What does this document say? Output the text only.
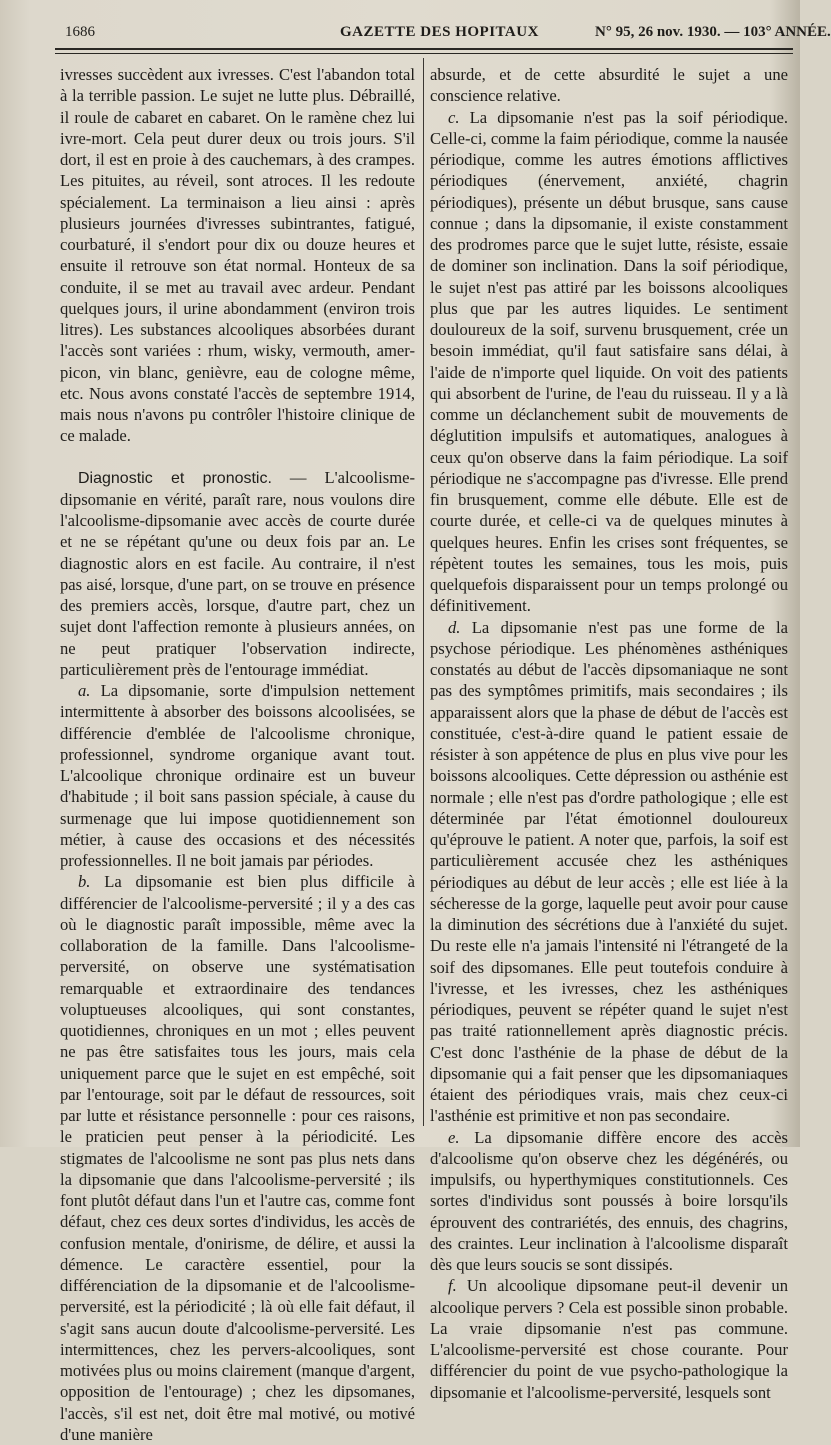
1686	GAZETTE DES HOPITAUX	N° 95, 26 nov. 1930. — 103° ANNÉE.

ivresses succèdent aux ivresses. C'est l'abandon total à la terrible passion. Le sujet ne lutte plus. Débraillé, il roule de cabaret en cabaret. On le ramène chez lui ivre-mort. Cela peut durer deux ou trois jours. S'il dort, il est en proie à des cauchemars, à des crampes. Les pituites, au réveil, sont atroces. Il les redoute spécialement. La terminaison a lieu ainsi : après plusieurs journées d'ivresses subintrantes, fatigué, courbaturé, il s'endort pour dix ou douze heures et ensuite il retrouve son état normal. Honteux de sa conduite, il se met au travail avec ardeur. Pendant quelques jours, il urine abondamment (environ trois litres). Les substances alcooliques absorbées durant l'accès sont variées : rhum, wisky, vermouth, amer-picon, vin blanc, genièvre, eau de cologne même, etc. Nous avons constaté l'accès de septembre 1914, mais nous n'avons pu contrôler l'histoire clinique de ce malade.

Diagnostic et pronostic. — L'alcoolisme-dipsomanie en vérité, paraît rare, nous voulons dire l'alcoolisme-dipsomanie avec accès de courte durée et ne se répétant qu'une ou deux fois par an. Le diagnostic alors en est facile. Au contraire, il n'est pas aisé, lorsque, d'une part, on se trouve en présence des premiers accès, lorsque, d'autre part, chez un sujet dont l'affection remonte à plusieurs années, on ne peut pratiquer l'observation indirecte, particulièrement près de l'entourage immédiat.

a. La dipsomanie, sorte d'impulsion nettement intermittente à absorber des boissons alcoolisées, se différencie d'emblée de l'alcoolisme chronique, professionnel, syndrome organique avant tout. L'alcoolique chronique ordinaire est un buveur d'habitude ; il boit sans passion spéciale, à cause du surmenage que lui impose quotidiennement son métier, à cause des occasions et des nécessités professionnelles. Il ne boit jamais par périodes.

b. La dipsomanie est bien plus difficile à différencier de l'alcoolisme-perversité ; il y a des cas où le diagnostic paraît impossible, même avec la collaboration de la famille. Dans l'alcoolisme-perversité, on observe une systématisation remarquable et extraordinaire des tendances voluptueuses alcooliques, qui sont constantes, quotidiennes, chroniques en un mot ; elles peuvent ne pas être satisfaites tous les jours, mais cela uniquement parce que le sujet en est empêché, soit par l'entourage, soit par le défaut de ressources, soit par lutte et résistance personnelle : pour ces raisons, le praticien peut penser à la périodicité. Les stigmates de l'alcoolisme ne sont pas plus nets dans la dipsomanie que dans l'alcoolisme-perversité ; ils font plutôt défaut dans l'un et l'autre cas, comme font défaut, chez ces deux sortes d'individus, les accès de confusion mentale, d'onirisme, de délire, et aussi la démence. Le caractère essentiel, pour la différenciation de la dipsomanie et de l'alcoolisme-perversité, est la périodicité ; là où elle fait défaut, il s'agit sans aucun doute d'alcoolisme-perversité. Les intermittences, chez les pervers-alcooliques, sont motivées plus ou moins clairement (manque d'argent, opposition de l'entourage) ; chez les dipsomanes, l'accès, s'il est net, doit être mal motivé, ou motivé d'une manière

absurde, et de cette absurdité le sujet a une conscience relative.

c. La dipsomanie n'est pas la soif périodique. Celle-ci, comme la faim périodique, comme la nausée périodique, comme les autres émotions afflictives périodiques (énervement, anxiété, chagrin périodiques), présente un début brusque, sans cause connue ; dans la dipsomanie, il existe constamment des prodromes parce que le sujet lutte, résiste, essaie de dominer son inclination. Dans la soif périodique, le sujet n'est pas attiré par les boissons alcooliques plus que par les autres liquides. Le sentiment douloureux de la soif, survenu brusquement, crée un besoin immédiat, qu'il faut satisfaire sans délai, à l'aide de n'importe quel liquide. On voit des patients qui absorbent de l'urine, de l'eau du ruisseau. Il y a là comme un déclanchement subit de mouvements de déglutition impulsifs et automatiques, analogues à ceux qu'on observe dans la faim périodique. La soif périodique ne s'accompagne pas d'ivresse. Elle prend fin brusquement, comme elle débute. Elle est de courte durée, et celle-ci va de quelques minutes à quelques heures. Enfin les crises sont fréquentes, se répètent toutes les semaines, tous les mois, puis quelquefois disparaissent pour un temps prolongé ou définitivement.

d. La dipsomanie n'est pas une forme de la psychose périodique. Les phénomènes asthéniques constatés au début de l'accès dipsomaniaque ne sont pas des symptômes primitifs, mais secondaires ; ils apparaissent alors que la phase de début de l'accès est constituée, c'est-à-dire quand le patient essaie de résister à son appétence de plus en plus vive pour les boissons alcooliques. Cette dépression ou asthénie est normale ; elle n'est pas d'ordre pathologique ; elle est déterminée par l'état émotionnel douloureux qu'éprouve le patient. A noter que, parfois, la soif est particulièrement accusée chez les asthéniques périodiques au début de leur accès ; elle est liée à la sécheresse de la gorge, laquelle peut avoir pour cause la diminution des sécrétions due à l'anxiété du sujet. Du reste elle n'a jamais l'intensité ni l'étrangeté de la soif des dipsomanes. Elle peut toutefois conduire à l'ivresse, et les ivresses, chez les asthéniques périodiques, peuvent se répéter quand le sujet n'est pas traité rationnellement après diagnostic précis. C'est donc l'asthénie de la phase de début de la dipsomanie qui a fait penser que les dipsomaniaques étaient des périodiques vrais, mais chez ceux-ci l'asthénie est primitive et non pas secondaire.

e. La dipsomanie diffère encore des accès d'alcoolisme qu'on observe chez les dégénérés, ou impulsifs, ou hyperthymiques constitutionnels. Ces sortes d'individus sont poussés à boire lorsqu'ils éprouvent des contrariétés, des ennuis, des chagrins, des craintes. Leur inclination à l'alcoolisme disparaît dès que leurs soucis se sont dissipés.

f. Un alcoolique dipsomane peut-il devenir un alcoolique pervers ? Cela est possible sinon probable. La vraie dipsomanie n'est pas commune. L'alcoolisme-perversité est chose courante. Pour différencier du point de vue psycho-pathologique la dipsomanie et l'alcoolisme-perversité, lesquels sont
